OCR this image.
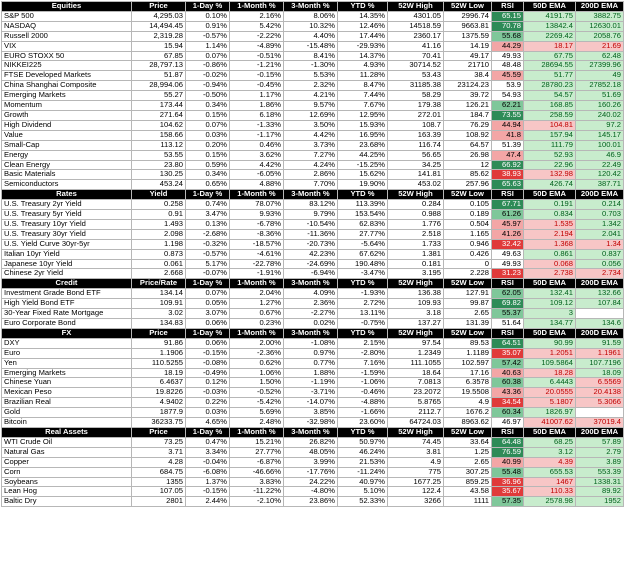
Equities	Price	1-Day %	1-Month %	3-Month %	YTD %	52W High	52W Low	RSI	50D EMA	200D EMA
S&P 500	4,295.03	0.10%	2.16%	8.06%	14.35%	4301.05	2996.74	65.15	4191.75	3882.75
NASDAQ	14,494.45	0.91%	5.42%	10.32%	12.46%	14518.59	9663.81	70.78	13842.4	12630.01
Russell 2000	2,319.28	-0.57%	-2.22%	4.40%	17.44%	2360.17	1375.59	55.68	2269.42	2058.76
VIX	15.94	1.14%	-4.89%	-15.48%	-29.93%	41.16	14.19	44.29	18.17	21.69
EURO STOXX 50	67.85	0.07%	-0.51%	8.41%	14.37%	70.41	49.17	49.93	67.75	62.48
NIKKEI225	28,797.13	-0.86%	-1.21%	-1.30%	4.93%	30714.52	21710	48.48	28694.55	27399.96
FTSE Developed Markets	51.87	-0.02%	-0.15%	5.53%	11.28%	53.43	38.4	45.59	51.77	49
China Shanghai Composite	28,994.06	-0.94%	-0.45%	2.32%	8.47%	31185.38	23124.23	53.9	28780.23	27852.18
Emerging Markets	55.27	-0.50%	1.17%	4.21%	7.44%	58.29	39.72	54.93	54.57	51.69
Momentum	173.44	0.34%	1.86%	9.57%	7.67%	179.38	126.21	62.21	168.85	160.26
Growth	271.64	0.15%	6.18%	12.69%	12.95%	272.01	184.7	73.55	258.59	240.02
High Dividend	104.62	0.07%	-1.33%	3.50%	15.93%	108.7	76.29	44.94	104.81	97.2
Value	158.66	0.03%	-1.17%	4.42%	16.95%	163.39	108.92	41.8	157.94	145.17
Small-Cap	113.12	0.20%	0.46%	3.73%	23.68%	116.74	64.57	51.39	111.79	100.01
Energy	53.55	0.15%	3.62%	7.27%	44.25%	56.65	26.98	47.4	52.93	46.9
Clean Energy	23.80	0.59%	4.42%	4.24%	-15.25%	34.25	12	66.92	22.96	22.49
Basic Materials	130.25	0.34%	-6.05%	2.86%	15.62%	141.81	85.62	38.93	132.98	120.42
Semiconductors	453.24	0.65%	4.88%	7.70%	19.90%	453.02	257.96	65.63	426.74	387.71
Rates	Yield	1-Day %	1-Month %	3-Month %	YTD %	52W High	52W Low	RSI	50D EMA	200D EMA
U.S. Treasury 2yr Yield	0.258	0.74%	78.07%	83.12%	113.39%	0.284	0.105	67.71	0.191	0.214
U.S. Treasury 5yr Yield	0.91	3.47%	9.93%	9.79%	153.54%	0.988	0.189	61.26	0.834	0.703
U.S. Treasury 10yr Yield	1.493	0.13%	-6.78%	-10.54%	62.83%	1.776	0.504	45.97	1.535	1.342
U.S. Treasury 30yr Yield	2.098	-2.68%	-8.36%	-11.36%	27.77%	2.518	1.165	41.26	2.194	2.041
U.S. Yield Curve 30yr-5yr	1.198	-0.32%	-18.57%	-20.73%	-5.64%	1.733	0.946	32.42	1.368	1.34
Italian 10yr Yield	0.873	-0.57%	-4.61%	42.23%	67.62%	1.381	0.426	49.63	0.861	0.837
Japanese 10yr Yield	0.061	5.17%	-22.78%	-24.69%	190.48%	0.181	0	49.93	0.068	0.056
Chinese 2yr Yield	2.668	-0.07%	-1.91%	-6.94%	-3.47%	3.195	2.228	31.23	2.738	2.734
Credit	Price/Rate	1-Day %	1-Month %	3-Month %	YTD %	52W High	52W Low	RSI	50D EMA	200D EMA
Investment Grade Bond ETF	134.14	0.07%	2.04%	4.09%	-1.93%	136.38	127.91	62.05	132.41	132.66
High Yield Bond ETF	109.91	0.05%	1.27%	2.36%	2.72%	109.93	99.87	69.82	109.12	107.84
30-Year Fixed Rate Mortgage	3.02	3.07%	0.67%	-2.27%	13.11%	3.18	2.65	55.37	3	
Euro Corporate Bond	134.83	0.06%	0.23%	0.02%	-0.75%	137.27	131.39	51.64	134.77	134.6
FX	Price	1-Day %	1-Month %	3-Month %	YTD %	52W High	52W Low	RSI	50D EMA	200D EMA
DXY	91.86	0.06%	2.00%	-1.08%	2.15%	97.54	89.53	64.51	90.99	91.59
Euro	1.1906	-0.15%	-2.36%	0.97%	-2.80%	1.2349	1.1189	35.07	1.2051	1.1961
Yen	110.5255	-0.08%	0.62%	0.77%	7.16%	111.1055	102.597	57.42	109.5864	107.7196
Emerging Markets	18.19	-0.49%	1.06%	1.88%	-1.59%	18.64	17.16	40.63	18.28	18.09
Chinese Yuan	6.4637	0.12%	1.50%	-1.19%	-1.06%	7.0813	6.3578	60.38	6.4443	6.5569
Mexican Peso	19.8226	-0.03%	-0.52%	-3.71%	-0.46%	23.2072	19.5508	43.36	20.0555	20.4138
Brazilian Real	4.9402	0.22%	-5.42%	-14.07%	-4.88%	5.8765	4.9	34.54	5.1807	5.3066
Gold	1877.9	0.03%	5.69%	3.85%	-1.66%	2112.7	1676.2	60.34	1826.97	
Bitcoin	36233.75	4.65%	2.48%	-32.98%	23.60%	64724.03	8963.62	46.97	41007.62	37019.4
Real Assets	Price	1-Day %	1-Month %	3-Month %	YTD %	52W High	52W Low	RSI	50D EMA	200D EMA
WTI Crude Oil	73.25	0.47%	15.21%	26.82%	50.97%	74.45	33.64	64.48	68.25	57.89
Natural Gas	3.71	3.34%	27.77%	48.05%	46.24%	3.81	1.25	76.59	3.12	2.79
Copper	4.28	-0.04%	-6.87%	3.99%	21.53%	4.9	2.65	40.99	4.39	3.89
Corn	684.75	-6.08%	-46.66%	-17.76%	-11.24%	775	307.25	55.48	655.53	553.39
Soybeans	1355	1.37%	3.83%	24.22%	40.97%	1677.25	859.25	36.96	1467	1338.31
Lean Hog	107.05	-0.15%	-11.22%	-4.80%	5.10%	122.4	43.58	35.67	110.33	89.92
Baltic Dry	2801	2.44%	-2.10%	23.86%	52.33%	3266	1111	57.35	2578.98	1952
